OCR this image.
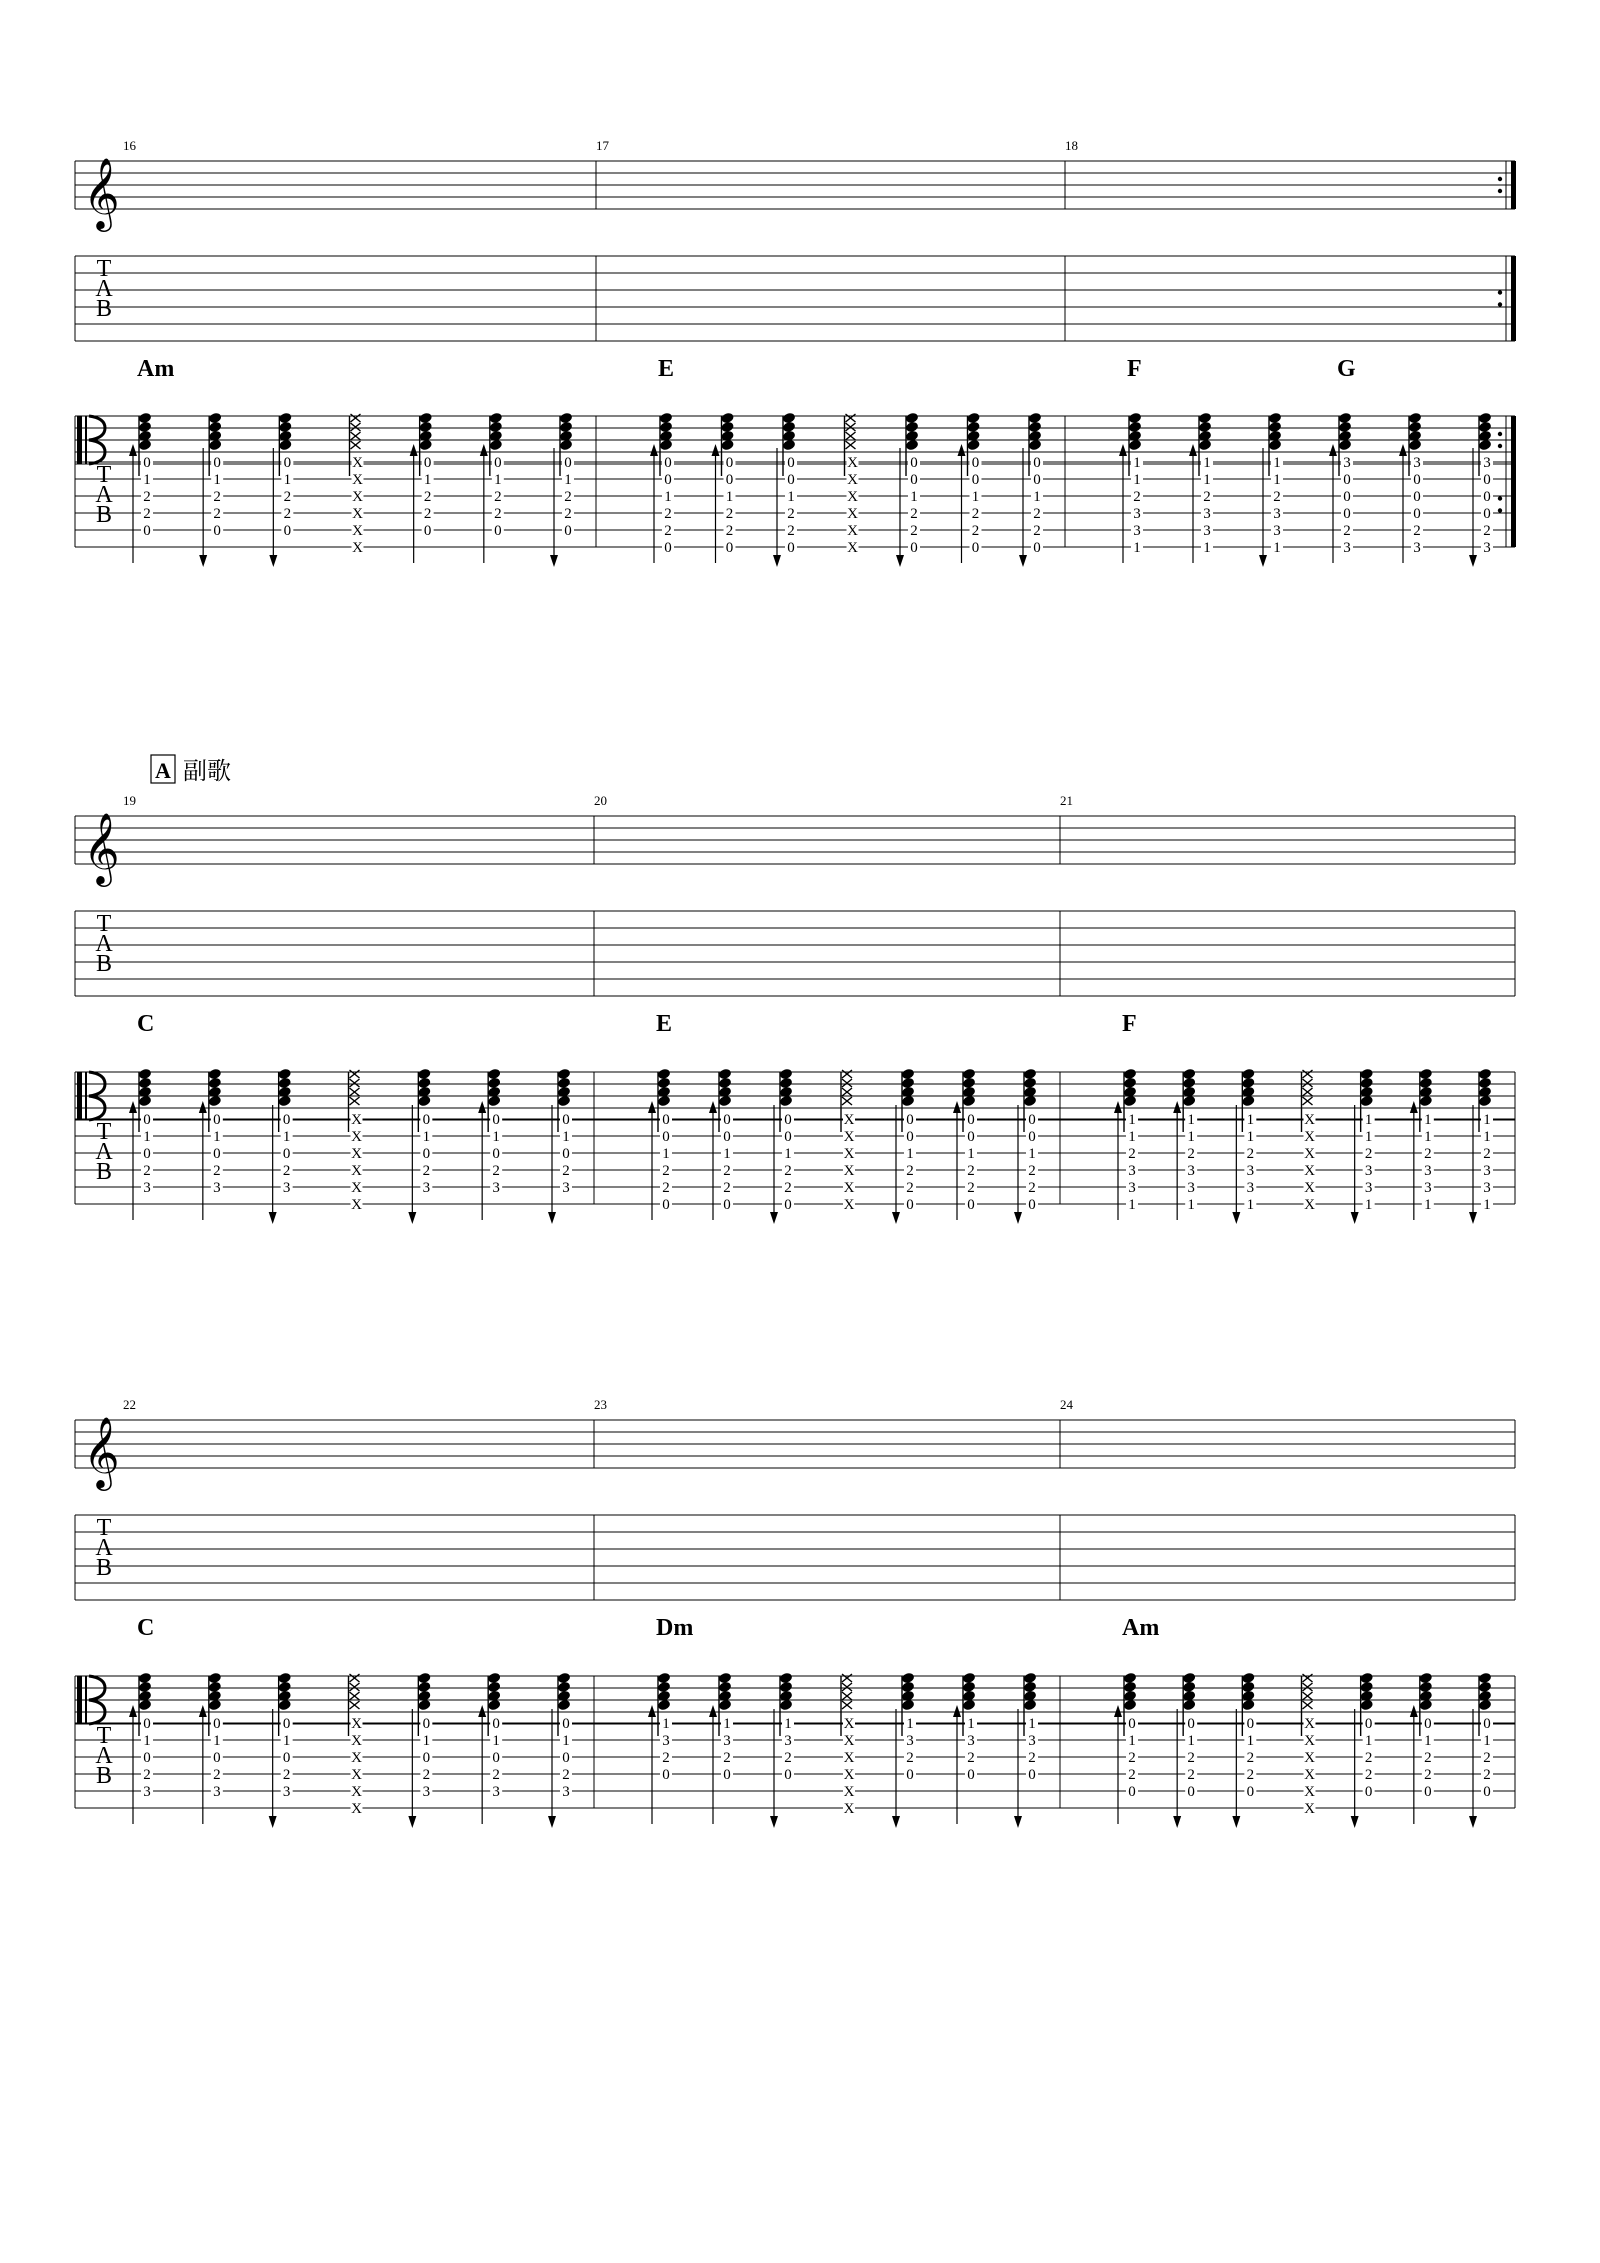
16	17	18
𝄞
T
A
B
T
A
B
Am
0
1
2
2
0
0
1
2
2
0
0
1
2
2
0
X
X
X
X
X
X
0
1
2
2
0
0
1
2
2
0
0
1
2
2
0
E
0
0
1
2
2
0
0
0
1
2
2
0
0
0
1
2
2
0
X
X
X
X
X
X
0
0
1
2
2
0
0
0
1
2
2
0
0
0
1
2
2
0
F
1
1
2
3
3
1
1
1
2
3
3
1
1
1
2
3
3
1
G
3
0
0
0
2
3
3
0
0
0
2
3
3
0
0
0
2
3
19	20	21
𝄞
T
A
B
T
A
B
C
0
1
0
2
3
0
1
0
2
3
0
1
0
2
3
X
X
X
X
X
X
0
1
0
2
3
0
1
0
2
3
0
1
0
2
3
E
0
0
1
2
2
0
0
0
1
2
2
0
0
0
1
2
2
0
X
X
X
X
X
X
0
0
1
2
2
0
0
0
1
2
2
0
0
0
1
2
2
0
F
1
1
2
3
3
1
1
1
2
3
3
1
1
1
2
3
3
1
X
X
X
X
X
X
1
1
2
3
3
1
1
1
2
3
3
1
1
1
2
3
3
1
22	23	24
𝄞
T
A
B
T
A
B
C
0
1
0
2
3
0
1
0
2
3
0
1
0
2
3
X
X
X
X
X
X
0
1
0
2
3
0
1
0
2
3
0
1
0
2
3
Dm
1
3
2
0
1
3
2
0
1
3
2
0
X
X
X
X
X
X
1
3
2
0
1
3
2
0
1
3
2
0
Am
0
1
2
2
0
0
1
2
2
0
0
1
2
2
0
X
X
X
X
X
X
0
1
2
2
0
0
1
2
2
0
0
1
2
2
0
A 副歌
